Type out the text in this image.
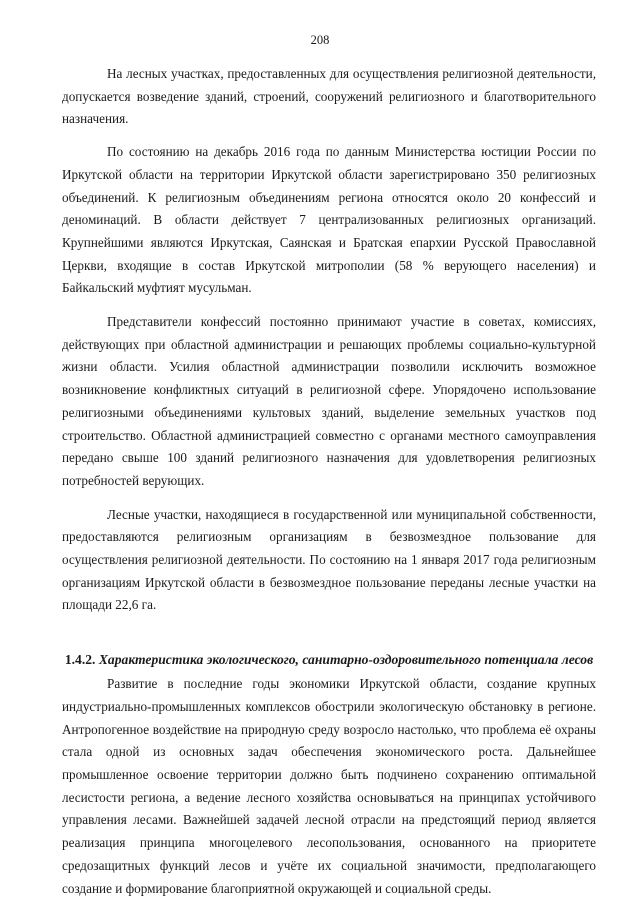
208

На лесных участках, предоставленных для осуществления религиозной деятельности, допускается возведение зданий, строений, сооружений религиозного и благотворительного назначения.

По состоянию на декабрь 2016 года по данным Министерства юстиции России по Иркутской области на территории Иркутской области зарегистрировано 350 религиозных объединений. К религиозным объединениям региона относятся около 20 конфессий и деноминаций. В области действует 7 централизованных религиозных организаций. Крупнейшими являются Иркутская, Саянская и Братская епархии Русской Православной Церкви, входящие в состав Иркутской митрополии (58 % верующего населения) и Байкальский муфтият мусульман.

Представители конфессий постоянно принимают участие в советах, комиссиях, действующих при областной администрации и решающих проблемы социально-культурной жизни области. Усилия областной администрации позволили исключить возможное возникновение конфликтных ситуаций в религиозной сфере. Упорядочено использование религиозными объединениями культовых зданий, выделение земельных участков под строительство. Областной администрацией совместно с органами местного самоуправления передано свыше 100 зданий религиозного назначения для удовлетворения религиозных потребностей верующих.

Лесные участки, находящиеся в государственной или муниципальной собственности, предоставляются религиозным организациям в безвозмездное пользование для осуществления религиозной деятельности. По состоянию на 1 января 2017 года религиозным организациям Иркутской области в безвозмездное пользование переданы лесные участки на площади 22,6 га.

1.4.2. Характеристика экологического, санитарно-оздоровительного потенциала лесов

Развитие в последние годы экономики Иркутской области, создание крупных индустриально-промышленных комплексов обострили экологическую обстановку в регионе. Антропогенное воздействие на природную среду возросло настолько, что проблема её охраны стала одной из основных задач обеспечения экономического роста. Дальнейшее промышленное освоение территории должно быть подчинено сохранению оптимальной лесистости региона, а ведение лесного хозяйства основываться на принципах устойчивого управления лесами. Важнейшей задачей лесной отрасли на предстоящий период является реализация принципа многоцелевого лесопользования, основанного на приоритете средозащитных функций лесов и учёте их социальной значимости, предполагающего создание и формирование благоприятной окружающей и социальной среды.
